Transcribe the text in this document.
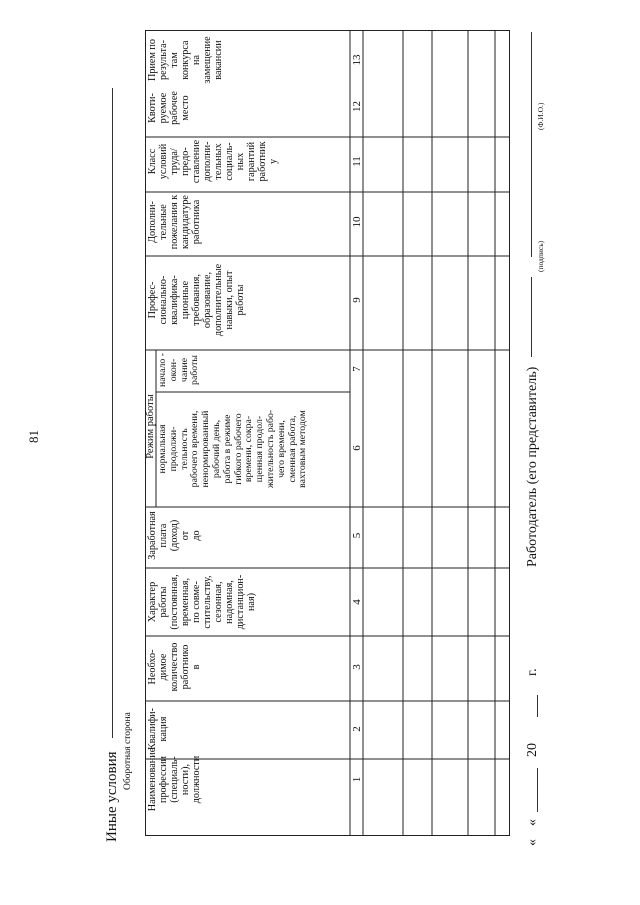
81
Иные условия
Оборотная сторона Наименование
профессии
(специаль-
ности),
должности
Квалифи-
кация
Необхо-
димое
количество
работнико
в
Характер
работы
(постоянная,
временная,
по совме-
стительству,
сезонная,
надомная,
дистанцион-
ная)
Заработная
плата
(доход)
от
до
Режим работы нормальная
продолжи-
тельность
рабочего времени,
ненормированный
рабочий день,
работа в режиме
гибкого рабочего
времени, сокра-
щенная продол-
жительность рабо-
чего времени,
сменная работа,
вахтовым методом
начало -
окон-
чание
работы
Профес-
сионально-
квалифика-
ционные
требования,
образование,
дополнительные
навыки, опыт
работы
Дополни-
тельные
пожелания к
кандидатуре
работника
Класс
условий
труда/
предо-
ставление
дополни-
тельных
социаль-
ных
гарантий
работник
у
Квоти-
руемое
рабочее
место
Прием по
результа-
там
конкурса
на
замещение
вакансии
1
2
3
4
5
6
7
9
10
11
12
13
«
«
20
г.
Работодатель (его представитель)
(подпись)
(Ф.И.О.)
